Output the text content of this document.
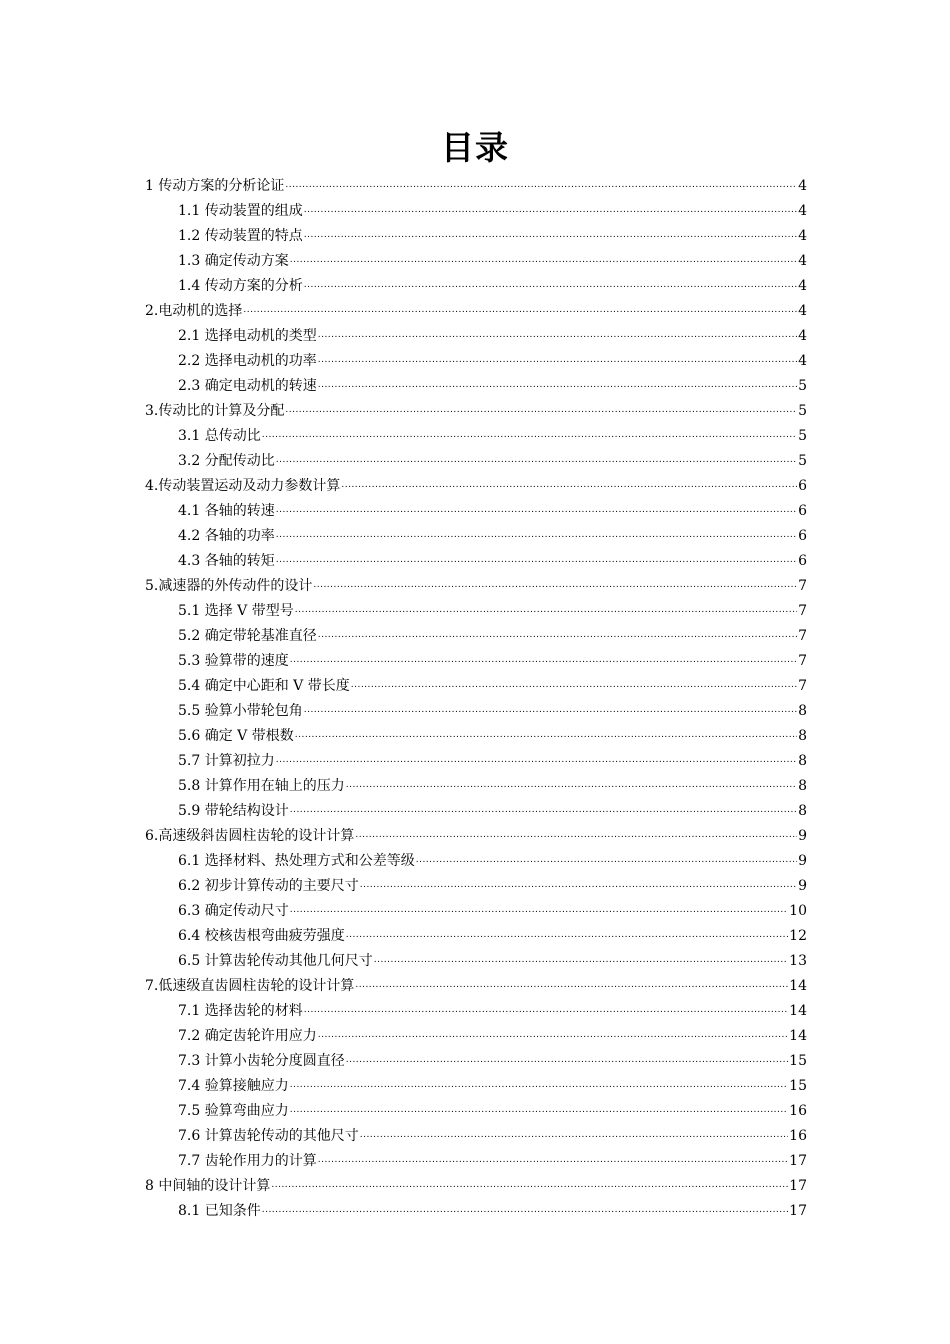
目录
1 传动方案的分析论证 .....	4
1.1 传动装置的组成 .....	4
1.2 传动装置的特点 .....	4
1.3 确定传动方案 .....	4
1.4 传动方案的分析 .....	4
2.电动机的选择 .....	4
2.1 选择电动机的类型 .....	4
2.2 选择电动机的功率 .....	4
2.3 确定电动机的转速 .....	5
3.传动比的计算及分配 .....	5
3.1 总传动比 .....	5
3.2 分配传动比 .....	5
4.传动装置运动及动力参数计算 .....	6
4.1 各轴的转速 .....	6
4.2 各轴的功率 .....	6
4.3 各轴的转矩 .....	6
5.减速器的外传动件的设计 .....	7
5.1 选择 V 带型号 .....	7
5.2 确定带轮基准直径 .....	7
5.3 验算带的速度 .....	7
5.4 确定中心距和 V 带长度 .....	7
5.5 验算小带轮包角 .....	8
5.6 确定 V 带根数 .....	8
5.7 计算初拉力 .....	8
5.8 计算作用在轴上的压力 .....	8
5.9 带轮结构设计 .....	8
6.高速级斜齿圆柱齿轮的设计计算 .....	9
6.1 选择材料、热处理方式和公差等级 .....	9
6.2 初步计算传动的主要尺寸 .....	9
6.3 确定传动尺寸 .....	10
6.4 校核齿根弯曲疲劳强度 .....	12
6.5 计算齿轮传动其他几何尺寸 .....	13
7.低速级直齿圆柱齿轮的设计计算 .....	14
7.1 选择齿轮的材料 .....	14
7.2 确定齿轮许用应力 .....	14
7.3 计算小齿轮分度圆直径 .....	15
7.4 验算接触应力 .....	15
7.5 验算弯曲应力 .....	16
7.6 计算齿轮传动的其他尺寸 .....	16
7.7 齿轮作用力的计算 .....	17
8 中间轴的设计计算 .....	17
8.1 已知条件 .....	17
